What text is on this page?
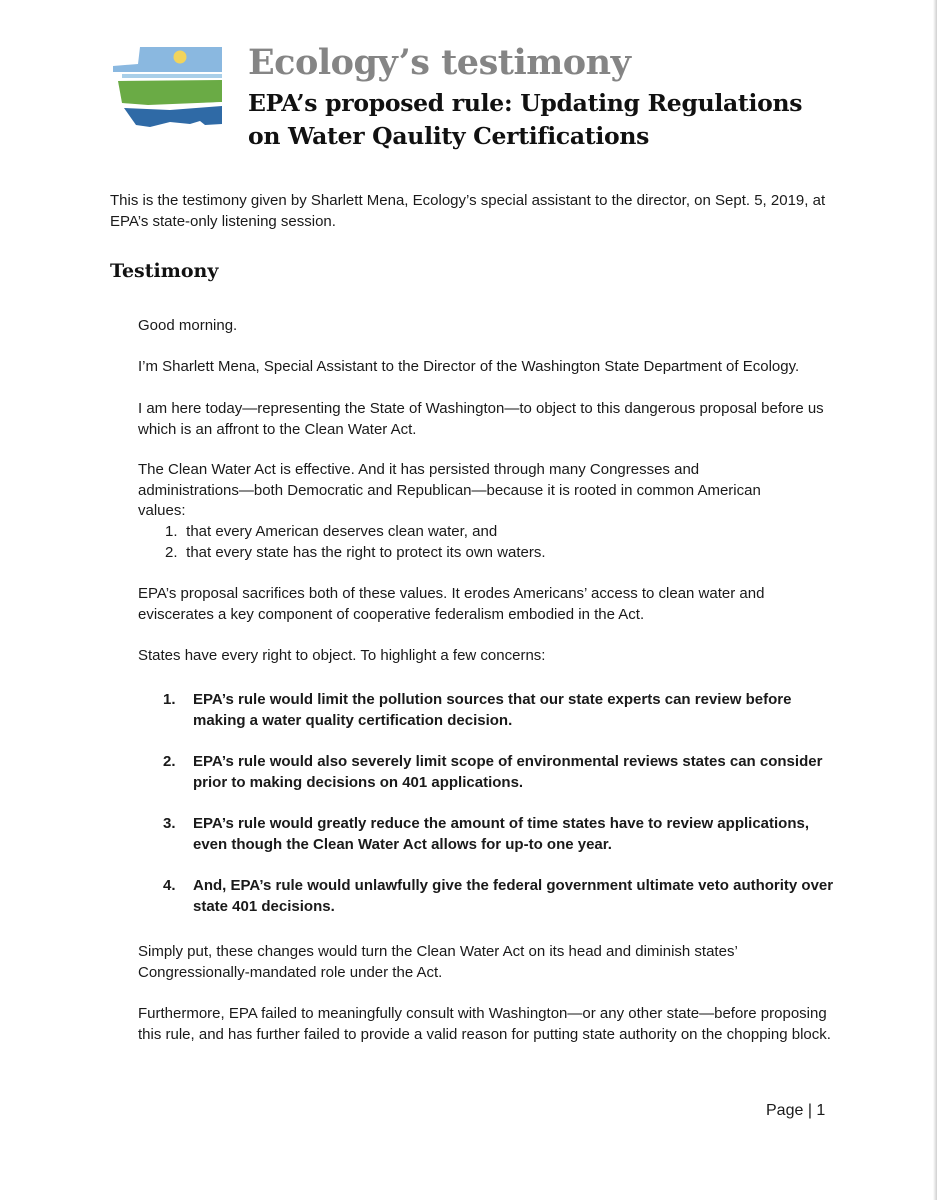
Ecology’s testimony
EPA’s proposed rule: Updating Regulations
on Water Qaulity Certifications

This is the testimony given by Sharlett Mena, Ecology’s special assistant to the director, on Sept. 5, 2019, at EPA’s state-only listening session.

Testimony

Good morning.

I’m Sharlett Mena, Special Assistant to the Director of the Washington State Department of Ecology.

I am here today—representing the State of Washington—to object to this dangerous proposal before us which is an affront to the Clean Water Act.

The Clean Water Act is effective. And it has persisted through many Congresses and administrations—both Democratic and Republican—because it is rooted in common American values:

1. that every American deserves clean water, and
2. that every state has the right to protect its own waters.

EPA’s proposal sacrifices both of these values. It erodes Americans’ access to clean water and eviscerates a key component of cooperative federalism embodied in the Act.

States have every right to object. To highlight a few concerns:

1. EPA’s rule would limit the pollution sources that our state experts can review before making a water quality certification decision.
2. EPA’s rule would also severely limit scope of environmental reviews states can consider prior to making decisions on 401 applications.
3. EPA’s rule would greatly reduce the amount of time states have to review applications, even though the Clean Water Act allows for up-to one year.
4. And, EPA’s rule would unlawfully give the federal government ultimate veto authority over state 401 decisions.

Simply put, these changes would turn the Clean Water Act on its head and diminish states’ Congressionally-mandated role under the Act.

Furthermore, EPA failed to meaningfully consult with Washington—or any other state—before proposing this rule, and has further failed to provide a valid reason for putting state authority on the chopping block.

Page | 1
